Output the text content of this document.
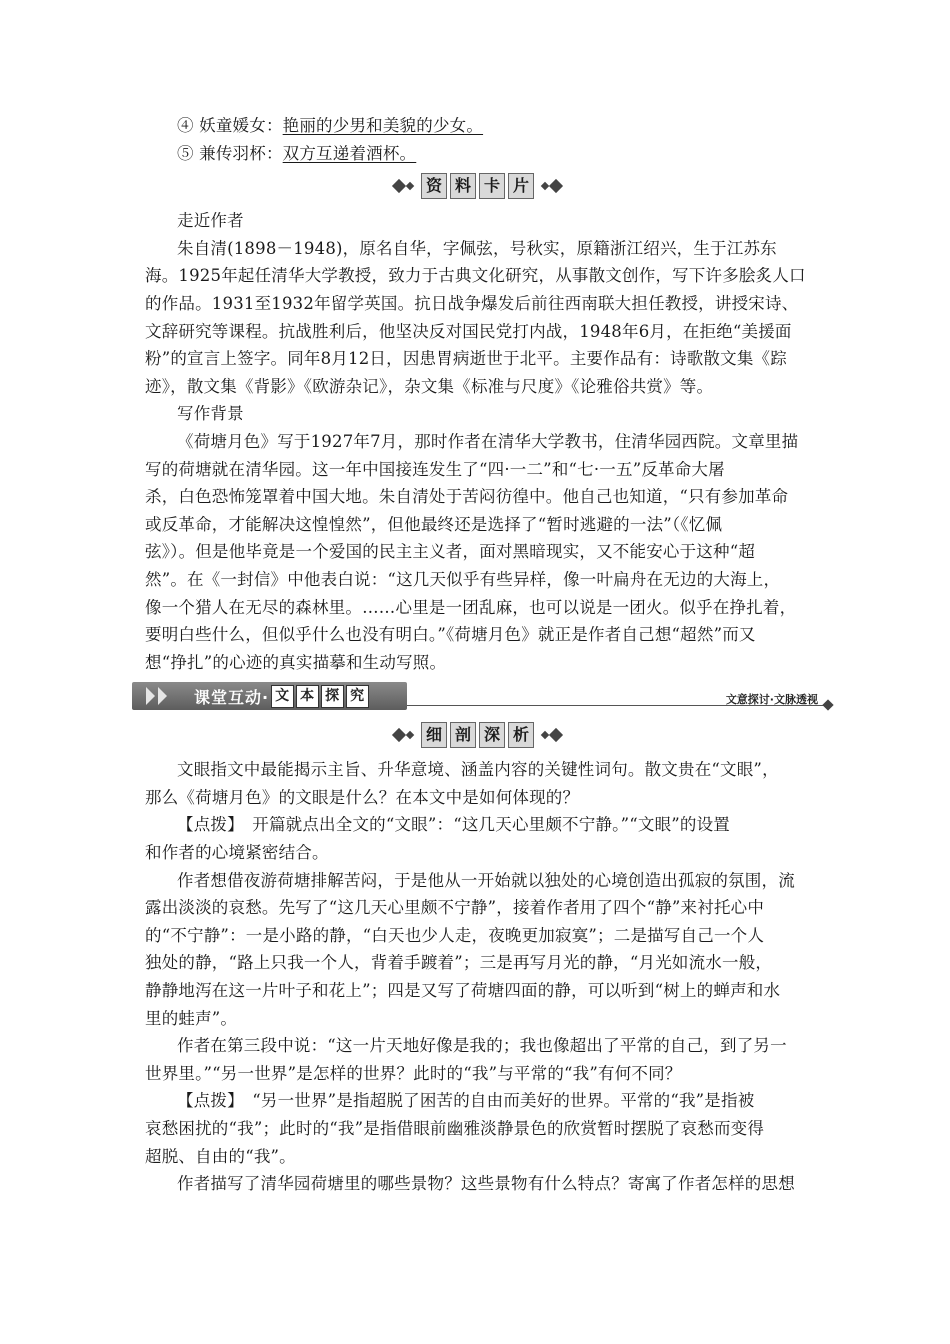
④ 妖童媛女：艳丽的少男和美貌的少女。
⑤ 兼传羽杯：双方互递着酒杯。
资 料 卡 片
走近作者
朱自清(1898－1948)，原名自华，字佩弦，号秋实，原籍浙江绍兴，生于江苏东
海。1925年起任清华大学教授，致力于古典文化研究，从事散文创作，写下许多脍炙人口
的作品。1931至1932年留学英国。抗日战争爆发后前往西南联大担任教授，讲授宋诗、
文辞研究等课程。抗战胜利后，他坚决反对国民党打内战，1948年6月，在拒绝“美援面
粉”的宣言上签字。同年8月12日，因患胃病逝世于北平。主要作品有：诗歌散文集《踪
迹》，散文集《背影》《欧游杂记》，杂文集《标准与尺度》《论雅俗共赏》等。
写作背景
《荷塘月色》写于1927年7月，那时作者在清华大学教书，住清华园西院。文章里描
写的荷塘就在清华园。这一年中国接连发生了“四·一二”和“七·一五”反革命大屠
杀，白色恐怖笼罩着中国大地。朱自清处于苦闷彷徨中。他自己也知道，“只有参加革命
或反革命，才能解决这惶惶然”，但他最终还是选择了“暂时逃避的一法”（《忆佩
弦》）。但是他毕竟是一个爱国的民主主义者，面对黑暗现实，又不能安心于这种“超
然”。在《一封信》中他表白说：“这几天似乎有些异样，像一叶扁舟在无边的大海上，
像一个猎人在无尽的森林里。……心里是一团乱麻，也可以说是一团火。似乎在挣扎着，
要明白些什么，但似乎什么也没有明白。”《荷塘月色》就正是作者自己想“超然”而又
想“挣扎”的心迹的真实描摹和生动写照。
课堂互动· 文 本 探 究	文意探讨·文脉透视
细 剖 深 析
文眼指文中最能揭示主旨、升华意境、涵盖内容的关键性词句。散文贵在“文眼”，
那么《荷塘月色》的文眼是什么？在本文中是如何体现的？
【点拨】　开篇就点出全文的“文眼”：“这几天心里颇不宁静。”“文眼”的设置
和作者的心境紧密结合。
作者想借夜游荷塘排解苦闷，于是他从一开始就以独处的心境创造出孤寂的氛围，流
露出淡淡的哀愁。先写了“这几天心里颇不宁静”，接着作者用了四个“静”来衬托心中
的“不宁静”：一是小路的静，“白天也少人走，夜晚更加寂寞”；二是描写自己一个人
独处的静，“路上只我一个人，背着手踱着”；三是再写月光的静，“月光如流水一般，
静静地泻在这一片叶子和花上”；四是又写了荷塘四面的静，可以听到“树上的蝉声和水
里的蛙声”。
作者在第三段中说：“这一片天地好像是我的；我也像超出了平常的自己，到了另一
世界里。”“另一世界”是怎样的世界？此时的“我”与平常的“我”有何不同？
【点拨】　“另一世界”是指超脱了困苦的自由而美好的世界。平常的“我”是指被
哀愁困扰的“我”；此时的“我”是指借眼前幽雅淡静景色的欣赏暂时摆脱了哀愁而变得
超脱、自由的“我”。
作者描写了清华园荷塘里的哪些景物？这些景物有什么特点？寄寓了作者怎样的思想
